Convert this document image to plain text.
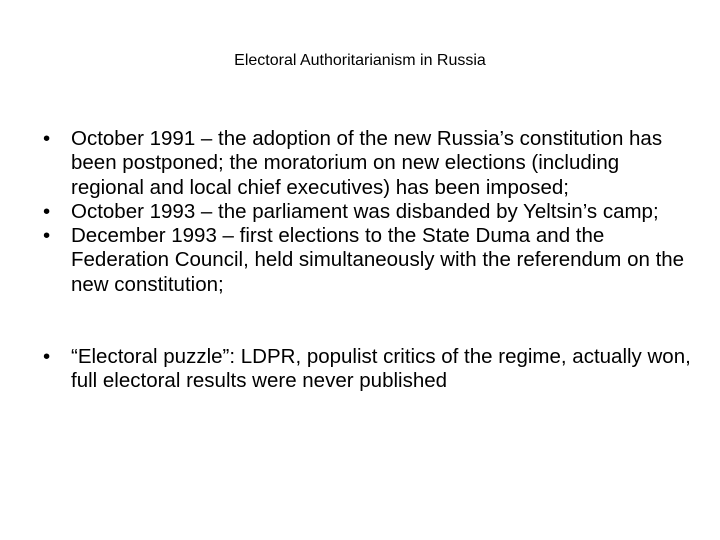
Electoral Authoritarianism in Russia
• October 1991 – the adoption of the new Russia’s constitution has been postponed; the moratorium on new elections (including regional and local chief executives) has been imposed;
• October 1993 – the parliament was disbanded by Yeltsin’s camp;
• December 1993 – first elections to the State Duma and the Federation Council, held simultaneously with the referendum on the new constitution;
• “Electoral puzzle”: LDPR, populist critics of the regime, actually won, full electoral results were never published
